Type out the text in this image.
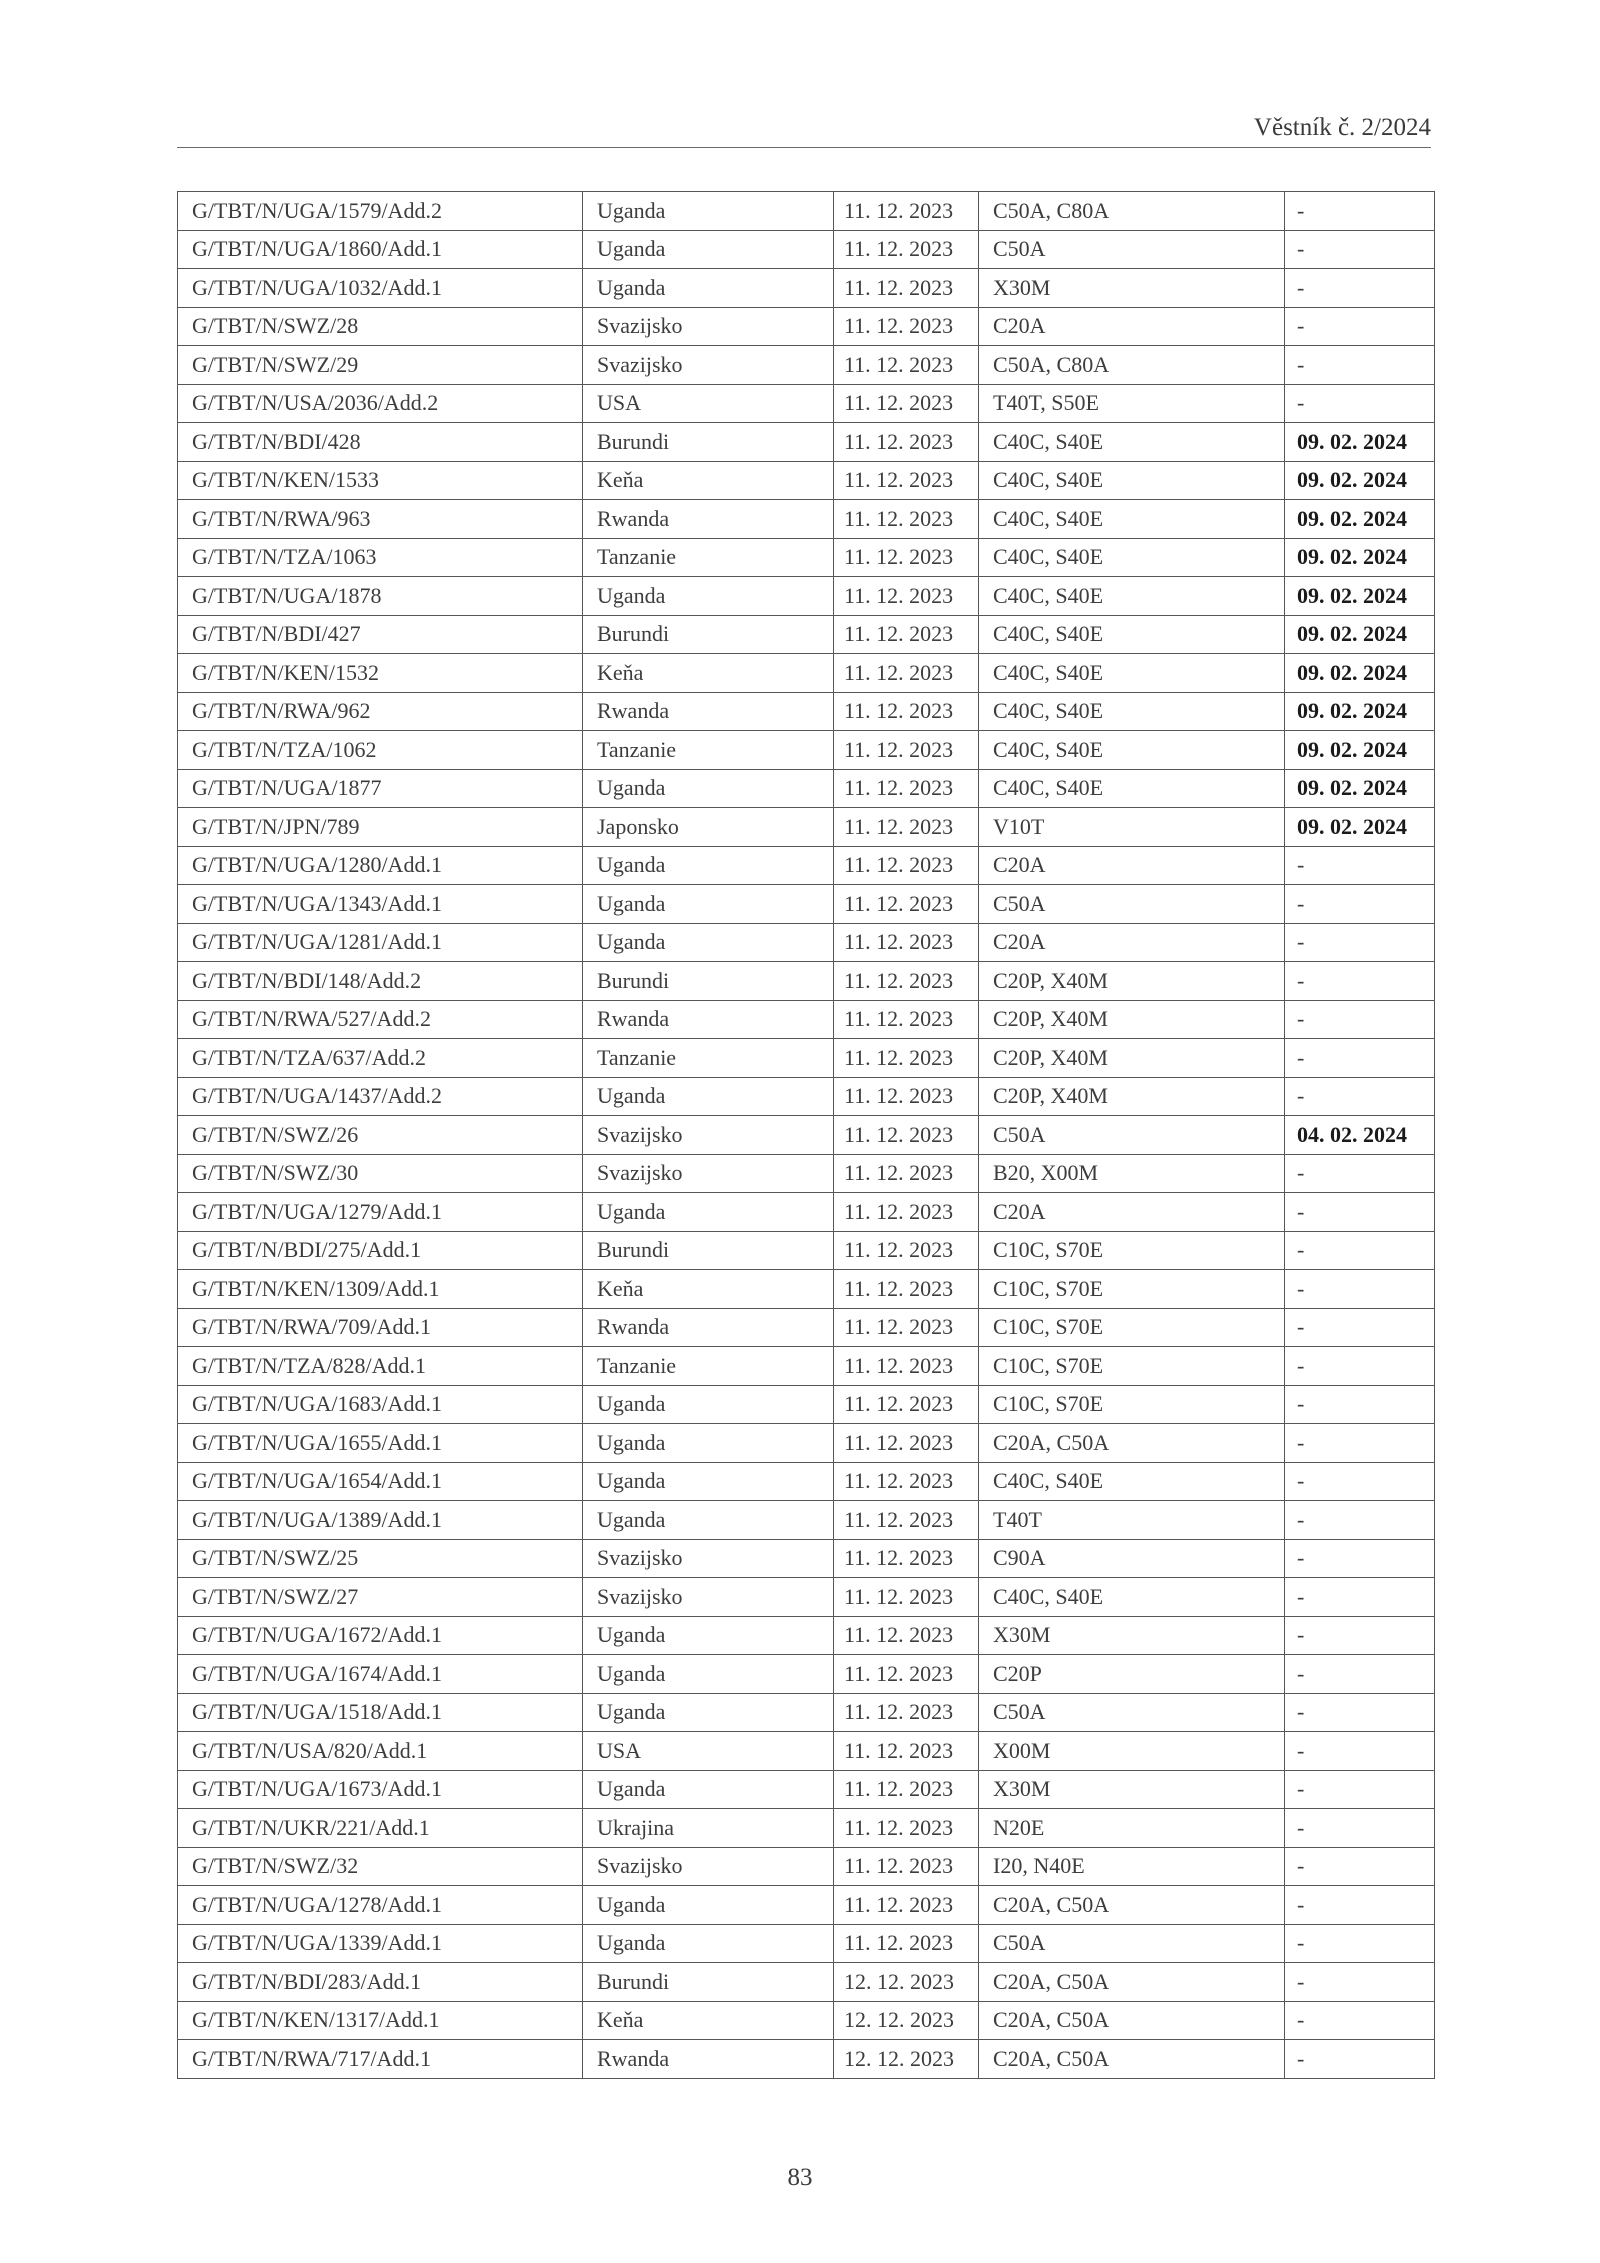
Věstník č. 2/2024
G/TBT/N/UGA/1579/Add.2	Uganda	11. 12. 2023	C50A, C80A	-
G/TBT/N/UGA/1860/Add.1	Uganda	11. 12. 2023	C50A	-
G/TBT/N/UGA/1032/Add.1	Uganda	11. 12. 2023	X30M	-
G/TBT/N/SWZ/28	Svazijsko	11. 12. 2023	C20A	-
G/TBT/N/SWZ/29	Svazijsko	11. 12. 2023	C50A, C80A	-
G/TBT/N/USA/2036/Add.2	USA	11. 12. 2023	T40T, S50E	-
G/TBT/N/BDI/428	Burundi	11. 12. 2023	C40C, S40E	09. 02. 2024
G/TBT/N/KEN/1533	Keňa	11. 12. 2023	C40C, S40E	09. 02. 2024
G/TBT/N/RWA/963	Rwanda	11. 12. 2023	C40C, S40E	09. 02. 2024
G/TBT/N/TZA/1063	Tanzanie	11. 12. 2023	C40C, S40E	09. 02. 2024
G/TBT/N/UGA/1878	Uganda	11. 12. 2023	C40C, S40E	09. 02. 2024
G/TBT/N/BDI/427	Burundi	11. 12. 2023	C40C, S40E	09. 02. 2024
G/TBT/N/KEN/1532	Keňa	11. 12. 2023	C40C, S40E	09. 02. 2024
G/TBT/N/RWA/962	Rwanda	11. 12. 2023	C40C, S40E	09. 02. 2024
G/TBT/N/TZA/1062	Tanzanie	11. 12. 2023	C40C, S40E	09. 02. 2024
G/TBT/N/UGA/1877	Uganda	11. 12. 2023	C40C, S40E	09. 02. 2024
G/TBT/N/JPN/789	Japonsko	11. 12. 2023	V10T	09. 02. 2024
G/TBT/N/UGA/1280/Add.1	Uganda	11. 12. 2023	C20A	-
G/TBT/N/UGA/1343/Add.1	Uganda	11. 12. 2023	C50A	-
G/TBT/N/UGA/1281/Add.1	Uganda	11. 12. 2023	C20A	-
G/TBT/N/BDI/148/Add.2	Burundi	11. 12. 2023	C20P, X40M	-
G/TBT/N/RWA/527/Add.2	Rwanda	11. 12. 2023	C20P, X40M	-
G/TBT/N/TZA/637/Add.2	Tanzanie	11. 12. 2023	C20P, X40M	-
G/TBT/N/UGA/1437/Add.2	Uganda	11. 12. 2023	C20P, X40M	-
G/TBT/N/SWZ/26	Svazijsko	11. 12. 2023	C50A	04. 02. 2024
G/TBT/N/SWZ/30	Svazijsko	11. 12. 2023	B20, X00M	-
G/TBT/N/UGA/1279/Add.1	Uganda	11. 12. 2023	C20A	-
G/TBT/N/BDI/275/Add.1	Burundi	11. 12. 2023	C10C, S70E	-
G/TBT/N/KEN/1309/Add.1	Keňa	11. 12. 2023	C10C, S70E	-
G/TBT/N/RWA/709/Add.1	Rwanda	11. 12. 2023	C10C, S70E	-
G/TBT/N/TZA/828/Add.1	Tanzanie	11. 12. 2023	C10C, S70E	-
G/TBT/N/UGA/1683/Add.1	Uganda	11. 12. 2023	C10C, S70E	-
G/TBT/N/UGA/1655/Add.1	Uganda	11. 12. 2023	C20A, C50A	-
G/TBT/N/UGA/1654/Add.1	Uganda	11. 12. 2023	C40C, S40E	-
G/TBT/N/UGA/1389/Add.1	Uganda	11. 12. 2023	T40T	-
G/TBT/N/SWZ/25	Svazijsko	11. 12. 2023	C90A	-
G/TBT/N/SWZ/27	Svazijsko	11. 12. 2023	C40C, S40E	-
G/TBT/N/UGA/1672/Add.1	Uganda	11. 12. 2023	X30M	-
G/TBT/N/UGA/1674/Add.1	Uganda	11. 12. 2023	C20P	-
G/TBT/N/UGA/1518/Add.1	Uganda	11. 12. 2023	C50A	-
G/TBT/N/USA/820/Add.1	USA	11. 12. 2023	X00M	-
G/TBT/N/UGA/1673/Add.1	Uganda	11. 12. 2023	X30M	-
G/TBT/N/UKR/221/Add.1	Ukrajina	11. 12. 2023	N20E	-
G/TBT/N/SWZ/32	Svazijsko	11. 12. 2023	I20, N40E	-
G/TBT/N/UGA/1278/Add.1	Uganda	11. 12. 2023	C20A, C50A	-
G/TBT/N/UGA/1339/Add.1	Uganda	11. 12. 2023	C50A	-
G/TBT/N/BDI/283/Add.1	Burundi	12. 12. 2023	C20A, C50A	-
G/TBT/N/KEN/1317/Add.1	Keňa	12. 12. 2023	C20A, C50A	-
G/TBT/N/RWA/717/Add.1	Rwanda	12. 12. 2023	C20A, C50A	-
83
